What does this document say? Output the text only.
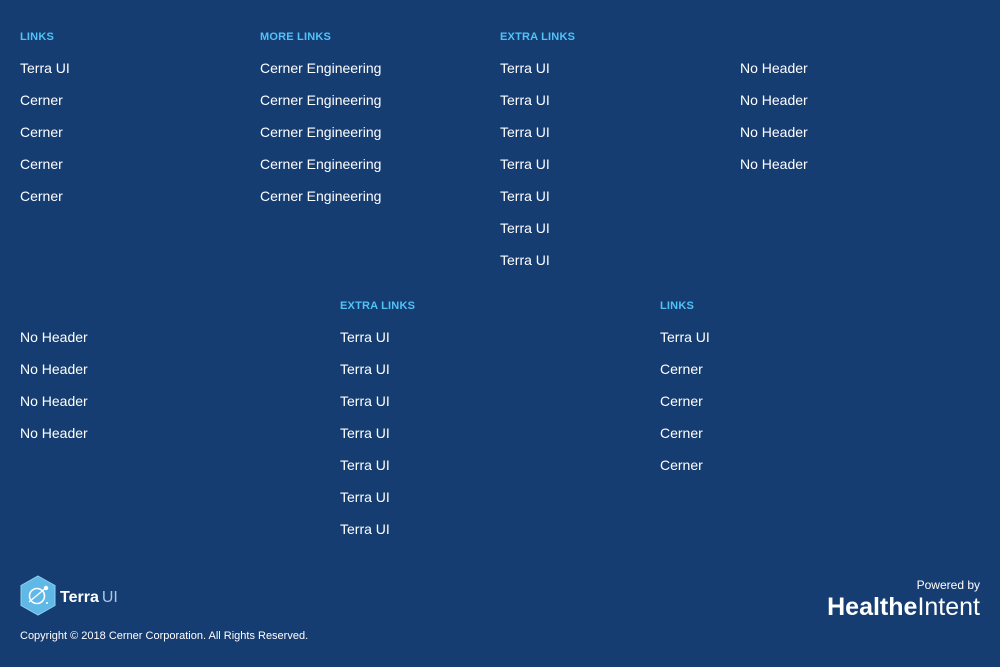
LINKS
Terra UI
Cerner
Cerner
Cerner
Cerner
MORE LINKS
Cerner Engineering
Cerner Engineering
Cerner Engineering
Cerner Engineering
Cerner Engineering
EXTRA LINKS
Terra UI
Terra UI
Terra UI
Terra UI
Terra UI
Terra UI
Terra UI
No Header
No Header
No Header
No Header
No Header
No Header
No Header
No Header
EXTRA LINKS
Terra UI
Terra UI
Terra UI
Terra UI
Terra UI
Terra UI
Terra UI
LINKS
Terra UI
Cerner
Cerner
Cerner
Cerner
Terra UI
Copyright © 2018 Cerner Corporation. All Rights Reserved.
Powered by
HealtheIntent
